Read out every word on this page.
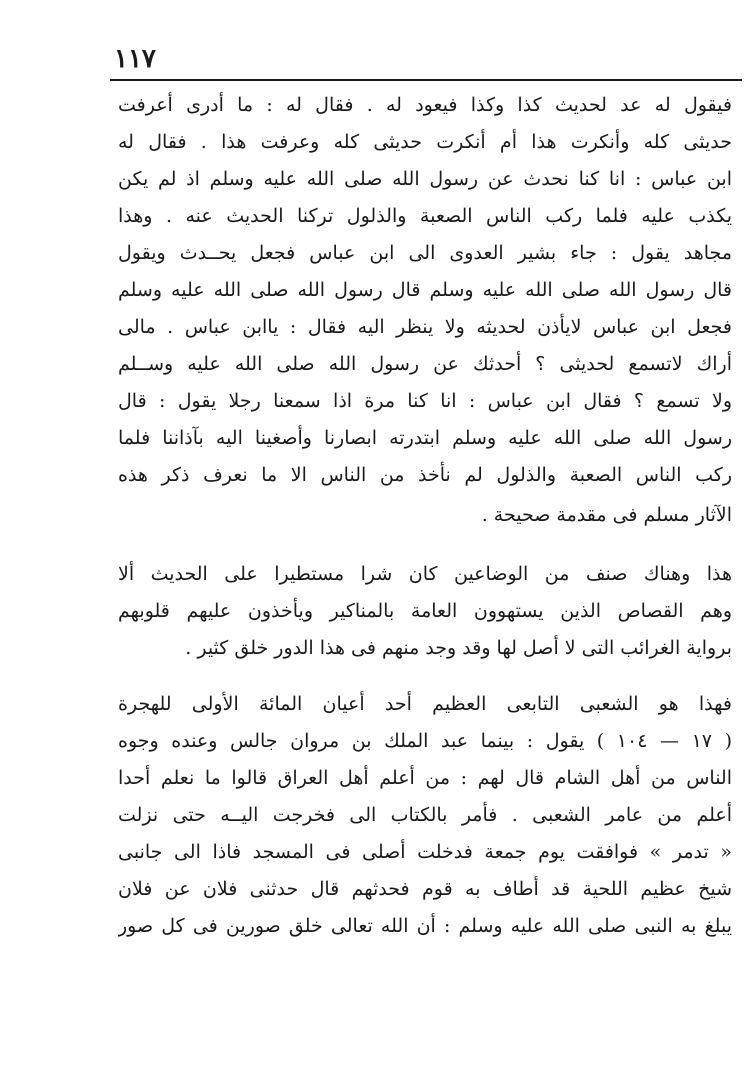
١١٧
فيقول له عد لحديث كذا وكذا فيعود له . فقال له : ما أدرى أعرفت
حديثى كله وأنكرت هذا أم أنكرت حديثى كله وعرفت هذا . فقال له
ابن عباس : انا كنا نحدث عن رسول الله صلى الله عليه وسلم اذ لم يكن
يكذب عليه فلما ركب الناس الصعبة والذلول تركنا الحديث عنه . وهذا
مجاهد يقول : جاء بشير العدوى الى ابن عباس فجعل يحــدث ويقول
قال رسول الله صلى الله عليه وسلم قال رسول الله صلى الله عليه وسلم
فجعل ابن عباس لايأذن لحديثه ولا ينظر اليه فقال : ياابن عباس . مالى
أراك لاتسمع لحديثى ؟ أحدثك عن رسول الله صلى الله عليه وســلم
ولا تسمع ؟ فقال ابن عباس : انا كنا مرة اذا سمعنا رجلا يقول : قال
رسول الله صلى الله عليه وسلم ابتدرته ابصارنا وأصغينا اليه بآذاننا فلما
ركب الناس الصعبة والذلول لم نأخذ من الناس الا ما نعرف ذكر هذه
الآثار مسلم فى مقدمة صحيحة .
هذا وهناك صنف من الوضاعين كان شرا مستطيرا على الحديث ألا
وهم القصاص الذين يستهوون العامة بالمناكير ويأخذون عليهم قلوبهم
برواية الغرائب التى لا أصل لها وقد وجد منهم فى هذا الدور خلق كثير .
فهذا هو الشعبى التابعى العظيم أحد أعيان المائة الأولى للهجرة
( ١٧ — ١٠٤ ) يقول : بينما عبد الملك بن مروان جالس وعنده وجوه
الناس من أهل الشام قال لهم : من أعلم أهل العراق قالوا ما نعلم أحدا
أعلم من عامر الشعبى . فأمر بالكتاب الى فخرجت اليــه حتى نزلت
« تدمر » فوافقت يوم جمعة فدخلت أصلى فى المسجد فاذا الى جانبى
شيخ عظيم اللحية قد أطاف به قوم فحدثهم قال حدثنى فلان عن فلان
يبلغ به النبى صلى الله عليه وسلم : أن الله تعالى خلق صورين فى كل صور
